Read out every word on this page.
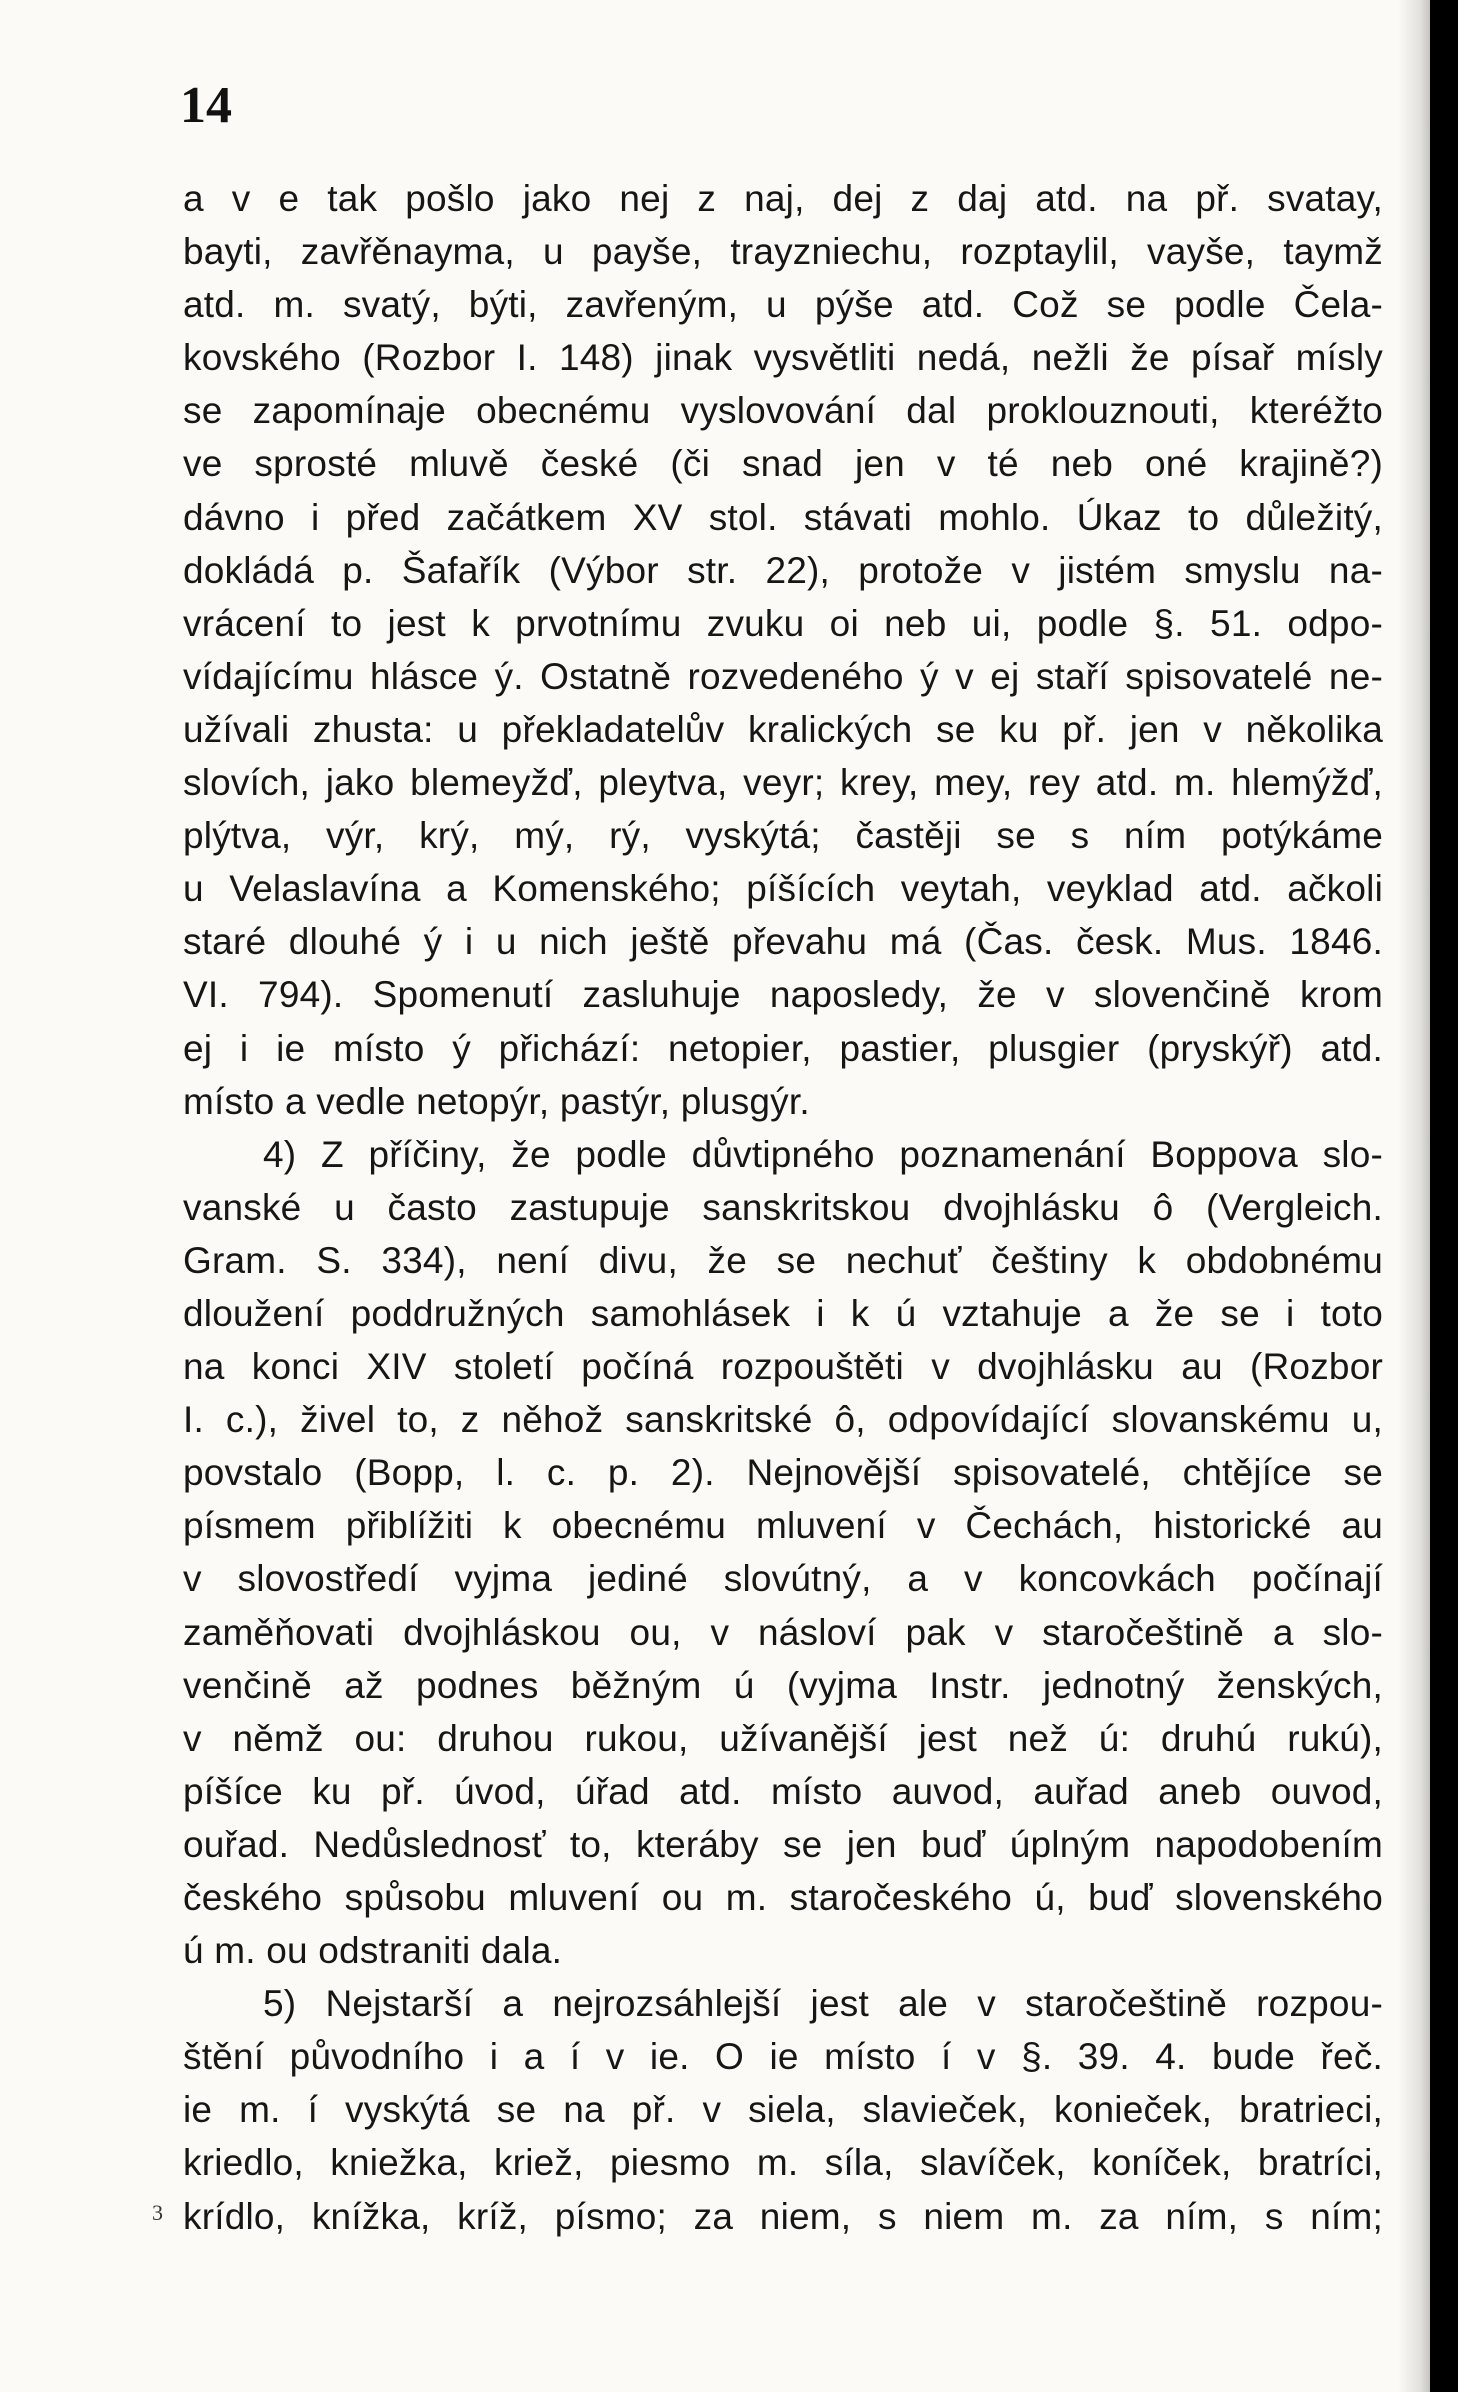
14
a v e tak pošlo jako nej z naj, dej z daj atd. na př. svatay,
bayti, zavřěnayma, u payše, trayzniechu, rozptaylil, vayše, taymž
atd. m. svatý, býti, zavřeným, u pýše atd. Což se podle Čela-
kovského (Rozbor I. 148) jinak vysvětliti nedá, nežli že písař mísly
se zapomínaje obecnému vyslovování dal proklouznouti, kteréžto
ve sprosté mluvě české (či snad jen v té neb oné krajině?)
dávno i před začátkem XV stol. stávati mohlo. Úkaz to důležitý,
dokládá p. Šafařík (Výbor str. 22), protože v jistém smyslu na-
vrácení to jest k prvotnímu zvuku oi neb ui, podle §. 51. odpo-
vídajícímu hlásce ý. Ostatně rozvedeného ý v ej staří spisovatelé ne-
užívali zhusta: u překladatelův kralických se ku př. jen v několika
slovích, jako blemeyžď, pleytva, veyr; krey, mey, rey atd. m. hlemýžď,
plýtva, výr, krý, mý, rý, vyskýtá; častěji se s ním potýkáme
u Velaslavína a Komenského; píšících veytah, veyklad atd. ačkoli
staré dlouhé ý i u nich ještě převahu má (Čas. česk. Mus. 1846.
VI. 794). Spomenutí zasluhuje naposledy, že v slovenčině krom
ej i ie místo ý přichází: netopier, pastier, plusgier (pryskýř) atd.
místo a vedle netopýr, pastýr, plusgýr.
4) Z příčiny, že podle důvtipného poznamenání Boppova slo-
vanské u často zastupuje sanskritskou dvojhlásku ô (Vergleich.
Gram. S. 334), není divu, že se nechuť češtiny k obdobnému
dloužení poddružných samohlásek i k ú vztahuje a že se i toto
na konci XIV století počíná rozpouštěti v dvojhlásku au (Rozbor
I. c.), živel to, z něhož sanskritské ô, odpovídající slovanskému u,
povstalo (Bopp, l. c. p. 2). Nejnovější spisovatelé, chtějíce se
písmem přiblížiti k obecnému mluvení v Čechách, historické au
v slovostředí vyjma jediné slovútný, a v koncovkách počínají
zaměňovati dvojhláskou ou, v násloví pak v staročeštině a slo-
venčině až podnes běžným ú (vyjma Instr. jednotný ženských,
v němž ou: druhou rukou, užívanější jest než ú: druhú rukú),
píšíce ku př. úvod, úřad atd. místo auvod, auřad aneb ouvod,
ouřad. Nedůslednosť to, kteráby se jen buď úplným napodobením
českého spůsobu mluvení ou m. staročeského ú, buď slovenského
ú m. ou odstraniti dala.
5) Nejstarší a nejrozsáhlejší jest ale v staročeštině rozpou-
štění původního i a í v ie. O ie místo í v §. 39. 4. bude řeč.
ie m. í vyskýtá se na př. v siela, slavieček, konieček, bratrieci,
kriedlo, kniežka, kriež, piesmo m. síla, slavíček, koníček, bratríci,
krídlo, knížka, kríž, písmo; za niem, s niem m. za ním, s ním;
3
